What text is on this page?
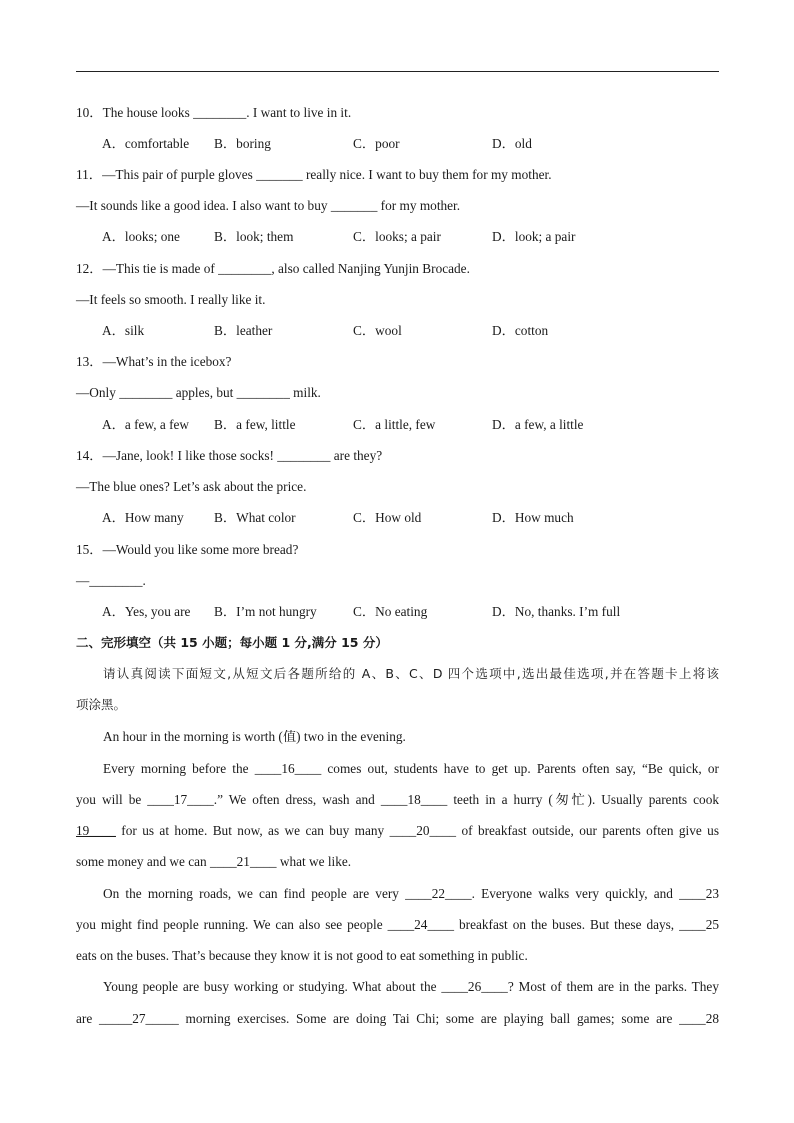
10．The house looks ________. I want to live in it.
A．comfortable B．boring	C．poor	D．old
11．—This pair of purple gloves _______ really nice. I want to buy them for my mother.
—It sounds like a good idea. I also want to buy _______ for my mother.
A．looks; one	B．look; them	C．looks; a pair	D．look; a pair
12．—This tie is made of ________, also called Nanjing Yunjin Brocade.
—It feels so smooth. I really like it.
A．silk	B．leather	C．wool	D．cotton
13．—What’s in the icebox?
—Only ________ apples, but ________ milk.
A．a few, a few B．a few, little	C．a little, few	D．a few, a little
14．—Jane, look! I like those socks! ________ are they?
—The blue ones? Let’s ask about the price.
A．How many B．What color	C．How old	D．How much
15．—Would you like some more bread?
—________.
A．Yes, you are B．I’m not hungry	C．No eating	D．No, thanks. I’m full
二、完形填空（共 15 小题；每小题 1 分,满分 15 分）
请认真阅读下面短文,从短文后各题所给的 A、B、C、D 四个选项中,选出最佳选项,并在答题卡上将该
项涂黑。
An hour in the morning is worth (值) two in the evening.
Every morning before the ____16____ comes out, students have to get up. Parents often say, “Be quick, or
you will be ____17____.” We often dress, wash and ____18____ teeth in a hurry (匆忙). Usually parents cook
19____ for us at home. But now, as we can buy many ____20____ of breakfast outside, our parents often give us
some money and we can ____21____ what we like.
On the morning roads, we can find people are very ____22____. Everyone walks very quickly, and ____23
you might find people running. We can also see people ____24____ breakfast on the buses. But these days, ____25
eats on the buses. That’s because they know it is not good to eat something in public.
Young people are busy working or studying. What about the ____26____? Most of them are in the parks. They
are _____27_____ morning exercises. Some are doing Tai Chi; some are playing ball games; some are ____28
